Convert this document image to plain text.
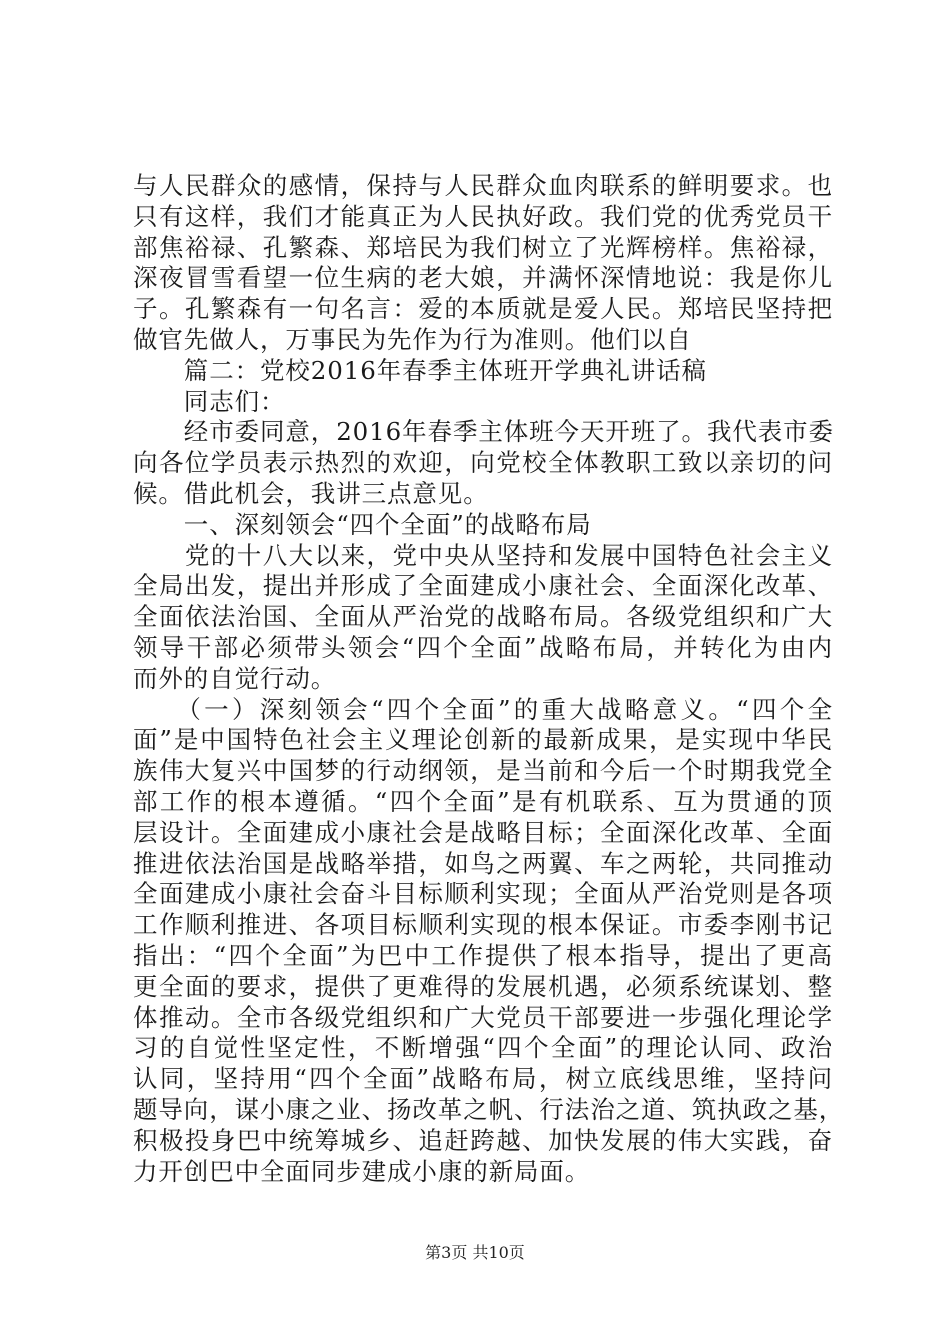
与人民群众的感情，保持与人民群众血肉联系的鲜明要求。也
只有这样，我们才能真正为人民执好政。我们党的优秀党员干
部焦裕禄、孔繁森、郑培民为我们树立了光辉榜样。焦裕禄，
深夜冒雪看望一位生病的老大娘，并满怀深情地说：我是你儿
子。孔繁森有一句名言：爱的本质就是爱人民。郑培民坚持把
做官先做人，万事民为先作为行为准则。他们以自
　　篇二：党校2016年春季主体班开学典礼讲话稿
　　同志们：
　　经市委同意，2016年春季主体班今天开班了。我代表市委
向各位学员表示热烈的欢迎，向党校全体教职工致以亲切的问
候。借此机会，我讲三点意见。
　　一、深刻领会“四个全面”的战略布局
　　党的十八大以来，党中央从坚持和发展中国特色社会主义
全局出发，提出并形成了全面建成小康社会、全面深化改革、
全面依法治国、全面从严治党的战略布局。各级党组织和广大
领导干部必须带头领会“四个全面”战略布局，并转化为由内
而外的自觉行动。
　　（一）深刻领会“四个全面”的重大战略意义。“四个全
面”是中国特色社会主义理论创新的最新成果，是实现中华民
族伟大复兴中国梦的行动纲领，是当前和今后一个时期我党全
部工作的根本遵循。“四个全面”是有机联系、互为贯通的顶
层设计。全面建成小康社会是战略目标；全面深化改革、全面
推进依法治国是战略举措，如鸟之两翼、车之两轮，共同推动
全面建成小康社会奋斗目标顺利实现；全面从严治党则是各项
工作顺利推进、各项目标顺利实现的根本保证。市委李刚书记
指出：“四个全面”为巴中工作提供了根本指导，提出了更高
更全面的要求，提供了更难得的发展机遇，必须系统谋划、整
体推动。全市各级党组织和广大党员干部要进一步强化理论学
习的自觉性坚定性，不断增强“四个全面”的理论认同、政治
认同，坚持用“四个全面”战略布局，树立底线思维，坚持问
题导向，谋小康之业、扬改革之帆、行法治之道、筑执政之基，
积极投身巴中统筹城乡、追赶跨越、加快发展的伟大实践，奋
力开创巴中全面同步建成小康的新局面。
第3页 共10页
